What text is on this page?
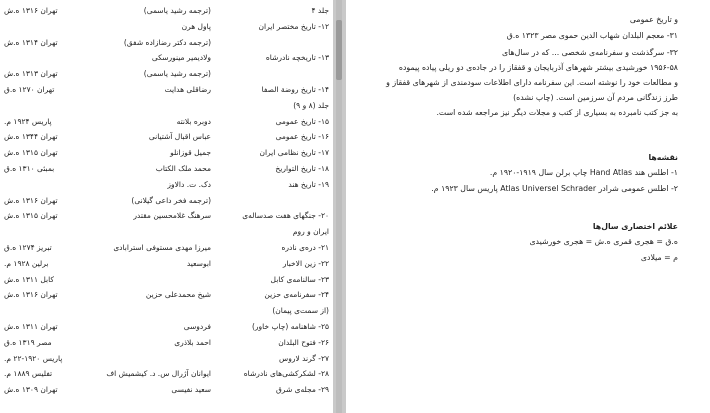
جلد ۴
(ترجمه رشید یاسمی)
تهران ۱۳۱۶ ه.ش
۱۲- تاریخ مختصر ایران
پاول هرن
(ترجمه دکتر رضازاده شفق)
تهران ۱۳۱۴ ه.ش
۱۳- تاریخچه نادرشاه
ولادیمیر مینورسکی
(ترجمه رشید یاسمی)
تهران ۱۳۱۳ ه.ش
۱۴- تاریخ روضة الصفا
رضاقلی هدایت
تهران ۱۲۷۰ ه.ق
جلد (۸ و ۹)
۱۵- تاریخ عمومی
دوبره بلانته
پاریس ۱۹۲۴ م.
۱۶- تاریخ عمومی
عباس اقبال آشتیانی
تهران ۱۳۴۴ ه.ش
۱۷- تاریخ نظامی ایران
جمیل قوزانلو
تهران ۱۳۱۵ ه.ش
۱۸- تاریخ التواریخ
محمد ملک الکتاب
بمبئی ۱۳۱۰ ه.ق
۱۹- تاریخ هند
دک. ت. دالاوز
(ترجمه فخر داعی گیلانی)
تهران ۱۳۱۶ ه.ش
۲۰- جنگهای هفت صدساله‌ی
سرهنگ غلامحسین مقتدر
تهران ۱۳۱۵ ه.ش
ایران و روم
۲۱- دره‌ی نادره
میرزا مهدی مستوفی استرابادی
تبریز ۱۲۷۴ ه.ق
۲۲- زین الاخبار
ابوسعید
برلین ۱۹۲۸ م.
۲۳- سالنامه‌ی کابل
کابل ۱۳۱۱ ه.ش
۲۴- سفرنامه‌ی حزین
شیخ محمدعلی حزین
تهران ۱۳۱۶ ه.ش
(از سمت‌ی پیمان)
۲۵- شاهنامه (چاپ خاور)
فردوسی
تهران ۱۳۱۱ ه.ش
۲۶- فتوح البلدان
احمد بلاذری
مصر ۱۳۱۹ ه.ق
۲۷- گرند لاروس
پاریس ۱۹۲۰-۲۲ م.
۲۸- لشکرکشی‌های نادرشاه
ایوانان آژرال س. د. کیشمیش اف
تفلیس ۱۸۸۹ م.
۲۹- مجله‌ی شرق
سعید نفیسی
تهران ۱۳۰۹ ه.ش
و تاریخ عمومی
۳۱- معجم البلدان شهاب الدین حموی مصر ۱۳۲۳ ه.ق
۳۲- سرگذشت و سفرنامه‌ی شخصی ... که در سال‌های
۱۹۵۶-۵۸ خورشیدی بیشتر شهرهای آذربایجان و قفقاز را در جاده‌ی دو ریلی پیاده پیموده
و مطالعات خود را نوشته است. این سفرنامه دارای اطلاعات سودمندی از شهرهای قفقاز و
طرز زندگانی مردم آن سرزمین است. (چاپ نشده)
به جز کتب نامبرده به بسیاری از کتب و مجلات دیگر نیز مراجعه شده است.
نقشه‌ها
۱- اطلس هند Hand Atlas چاپ برلن سال ۱۹۱۹-۱۹۲۰ م.
۲- اطلس عمومی شرادر Atlas Universel Schrader پاریس سال ۱۹۲۳ م.
علائم اختصاری سال‌ها
ه.ق = هجری قمری ه.ش = هجری خورشیدی
م = میلادی
